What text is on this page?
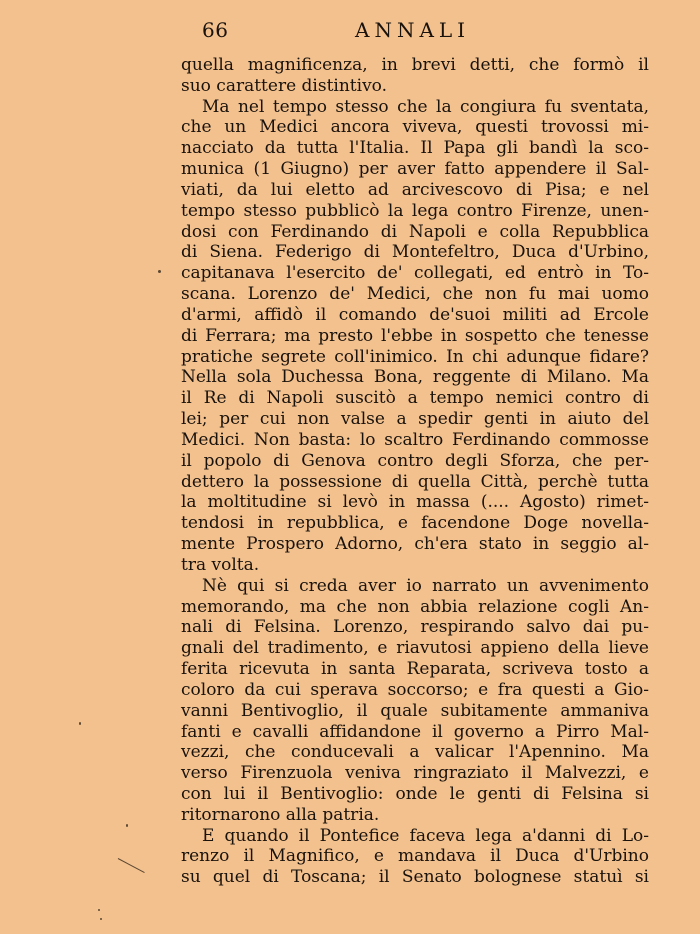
66	ANNALI
quella magnificenza, in brevi detti, che formò il
suo carattere distintivo.
Ma nel tempo stesso che la congiura fu sventata,
che un Medici ancora viveva, questi trovossi mi-
nacciato da tutta l'Italia. Il Papa gli bandì la sco-
munica (1 Giugno) per aver fatto appendere il Sal-
viati, da lui eletto ad arcivescovo di Pisa; e nel
tempo stesso pubblicò la lega contro Firenze, unen-
dosi con Ferdinando di Napoli e colla Repubblica
di Siena. Federigo di Montefeltro, Duca d'Urbino,
capitanava l'esercito de' collegati, ed entrò in To-
scana. Lorenzo de' Medici, che non fu mai uomo
d'armi, affidò il comando de'suoi militi ad Ercole
di Ferrara; ma presto l'ebbe in sospetto che tenesse
pratiche segrete coll'inimico. In chi adunque fidare?
Nella sola Duchessa Bona, reggente di Milano. Ma
il Re di Napoli suscitò a tempo nemici contro di
lei; per cui non valse a spedir genti in aiuto del
Medici. Non basta: lo scaltro Ferdinando commosse
il popolo di Genova contro degli Sforza, che per-
dettero la possessione di quella Città, perchè tutta
la moltitudine si levò in massa (.... Agosto) rimet-
tendosi in repubblica, e facendone Doge novella-
mente Prospero Adorno, ch'era stato in seggio al-
tra volta.
Nè qui si creda aver io narrato un avvenimento
memorando, ma che non abbia relazione cogli An-
nali di Felsina. Lorenzo, respirando salvo dai pu-
gnali del tradimento, e riavutosi appieno della lieve
ferita ricevuta in santa Reparata, scriveva tosto a
coloro da cui sperava soccorso; e fra questi a Gio-
vanni Bentivoglio, il quale subitamente ammaniva
fanti e cavalli affidandone il governo a Pirro Mal-
vezzi, che conducevali a valicar l'Apennino. Ma
verso Firenzuola veniva ringraziato il Malvezzi, e
con lui il Bentivoglio: onde le genti di Felsina si
ritornarono alla patria.
E quando il Pontefice faceva lega a'danni di Lo-
renzo il Magnifico, e mandava il Duca d'Urbino
su quel di Toscana; il Senato bolognese statuì si
